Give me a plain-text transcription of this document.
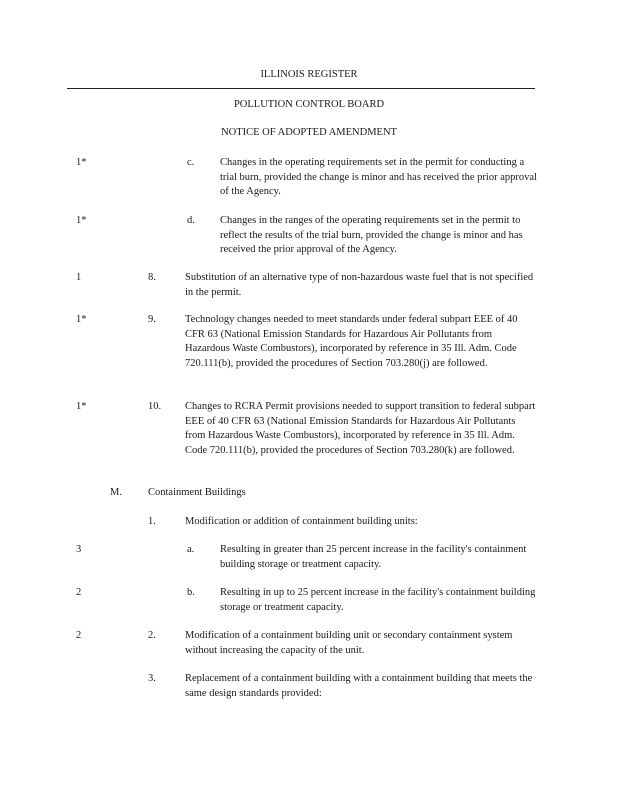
ILLINOIS REGISTER
POLLUTION CONTROL BOARD
NOTICE OF ADOPTED AMENDMENT
1*	c. Changes in the operating requirements set in the permit for conducting a trial burn, provided the change is minor and has received the prior approval of the Agency.
1*	d. Changes in the ranges of the operating requirements set in the permit to reflect the results of the trial burn, provided the change is minor and has received the prior approval of the Agency.
1	8.	Substitution of an alternative type of non-hazardous waste fuel that is not specified in the permit.
1*	9.	Technology changes needed to meet standards under federal subpart EEE of 40 CFR 63 (National Emission Standards for Hazardous Air Pollutants from Hazardous Waste Combustors), incorporated by reference in 35 Ill. Adm. Code 720.111(b), provided the procedures of Section 703.280(j) are followed.
1*	10. Changes to RCRA Permit provisions needed to support transition to federal subpart EEE of 40 CFR 63 (National Emission Standards for Hazardous Air Pollutants from Hazardous Waste Combustors), incorporated by reference in 35 Ill. Adm. Code 720.111(b), provided the procedures of Section 703.280(k) are followed.
M. Containment Buildings
1.	Modification or addition of containment building units:
3	a. Resulting in greater than 25 percent increase in the facility's containment building storage or treatment capacity.
2	b. Resulting in up to 25 percent increase in the facility's containment building storage or treatment capacity.
2	2.	Modification of a containment building unit or secondary containment system without increasing the capacity of the unit.
3.	Replacement of a containment building with a containment building that meets the same design standards provided:
